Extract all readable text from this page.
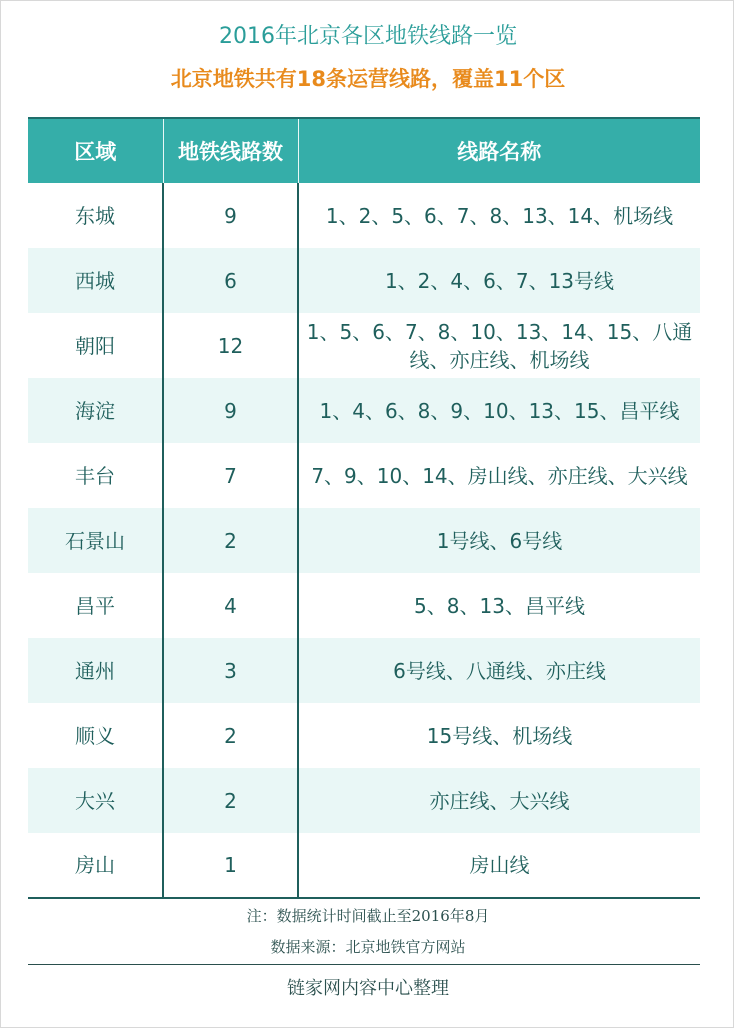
2016年北京各区地铁线路一览
北京地铁共有18条运营线路，覆盖11个区
区域	地铁线路数	线路名称
东城	9	1、2、5、6、7、8、13、14、机场线
西城	6	1、2、4、6、7、13号线
朝阳	12	1、5、6、7、8、10、13、14、15、八通线、亦庄线、机场线
海淀	9	1、4、6、8、9、10、13、15、昌平线
丰台	7	7、9、10、14、房山线、亦庄线、大兴线
石景山	2	1号线、6号线
昌平	4	5、8、13、昌平线
通州	3	6号线、八通线、亦庄线
顺义	2	15号线、机场线
大兴	2	亦庄线、大兴线
房山	1	房山线
注：数据统计时间截止至2016年8月
数据来源：北京地铁官方网站
链家网内容中心整理
